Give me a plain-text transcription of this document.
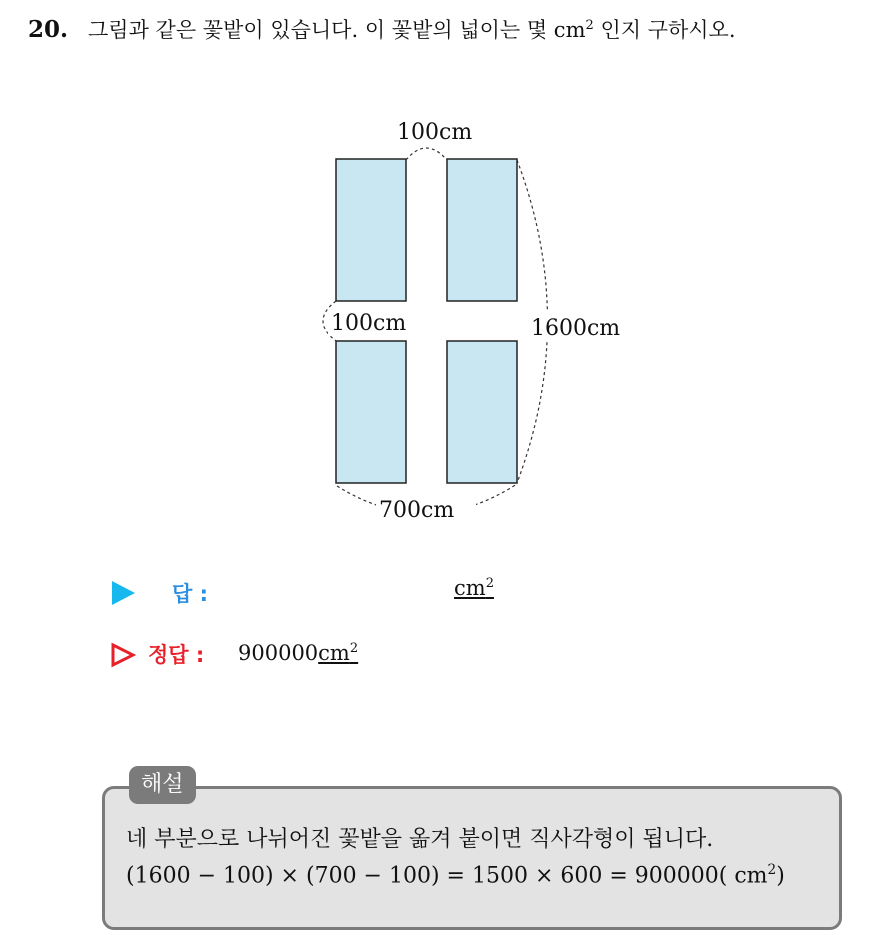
20. 그림과 같은 꽃밭이 있습니다. 이 꽃밭의 넓이는 몇 $cm^2$ 인지 구하시오.
100cm
100cm	1600cm
700cm
답 :	$cm^2$
정답 : $900000cm^2$
해설
네 부분으로 나뉘어진 꽃밭을 옮겨 붙이면 직사각형이 됩니다.
(1600 − 100) × (700 − 100) = 1500 × 600 = 900000( $cm^2$)
